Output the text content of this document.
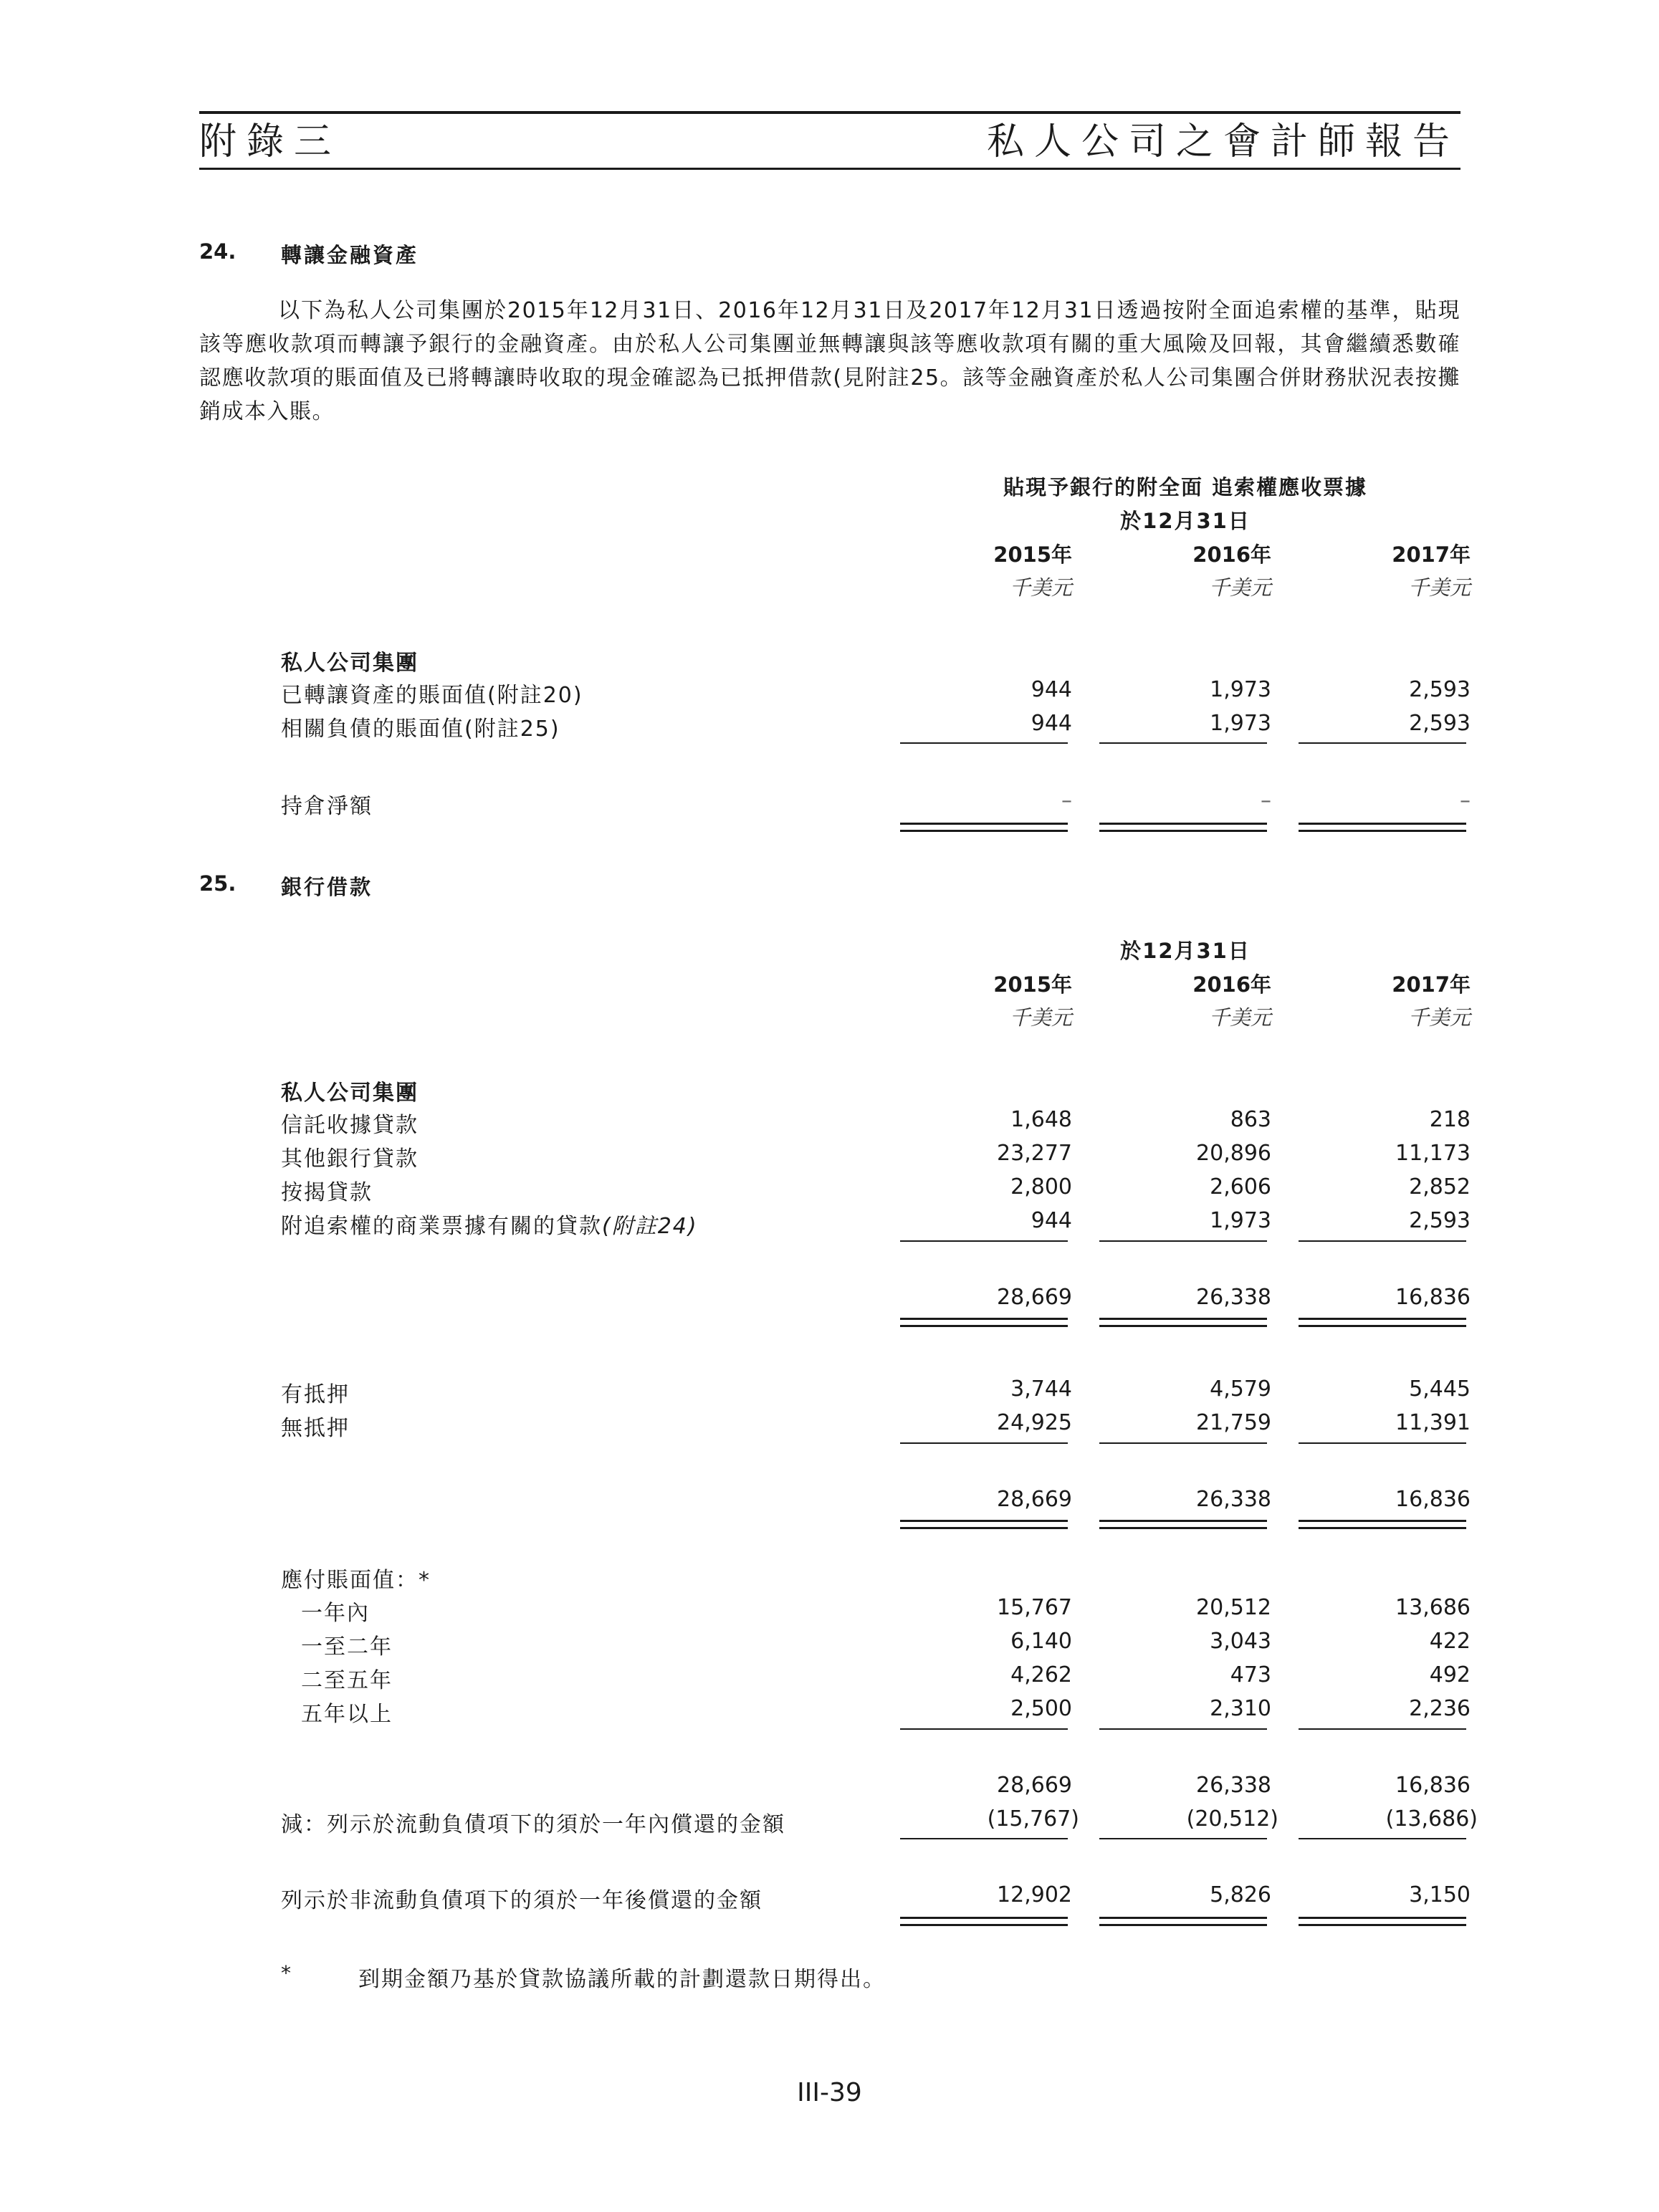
附錄三	私人公司之會計師報告
24. 轉讓金融資產
以下為私人公司集團於2015年12月31日、2016年12月31日及2017年12月31日透過按附全面追索權的基準，貼現該等應收款項而轉讓予銀行的金融資產。由於私人公司集團並無轉讓與該等應收款項有關的重大風險及回報，其會繼續悉數確認應收款項的賬面值及已將轉讓時收取的現金確認為已抵押借款(見附註25。該等金融資產於私人公司集團合併財務狀況表按攤銷成本入賬。
貼現予銀行的附全面 追索權應收票據
於12月31日
2015年	2016年	2017年
千美元	千美元	千美元
私人公司集團
已轉讓資產的賬面值(附註20)	944	1,973	2,593
相關負債的賬面值(附註25)	944	1,973	2,593
持倉淨額	–	–	–
25. 銀行借款
於12月31日
2015年	2016年	2017年
千美元	千美元	千美元
私人公司集團
信託收據貸款	1,648	863	218
其他銀行貸款	23,277	20,896	11,173
按揭貸款	2,800	2,606	2,852
附追索權的商業票據有關的貸款(附註24)	944	1,973	2,593
28,669	26,338	16,836
有抵押	3,744	4,579	5,445
無抵押	24,925	21,759	11,391
28,669	26,338	16,836
應付賬面值：*
一年內	15,767	20,512	13,686
一至二年	6,140	3,043	422
二至五年	4,262	473	492
五年以上	2,500	2,310	2,236
28,669	26,338	16,836
減：列示於流動負債項下的須於一年內償還的金額	(15,767)	(20,512)	(13,686)
列示於非流動負債項下的須於一年後償還的金額	12,902	5,826	3,150
*	到期金額乃基於貸款協議所載的計劃還款日期得出。
III-39
